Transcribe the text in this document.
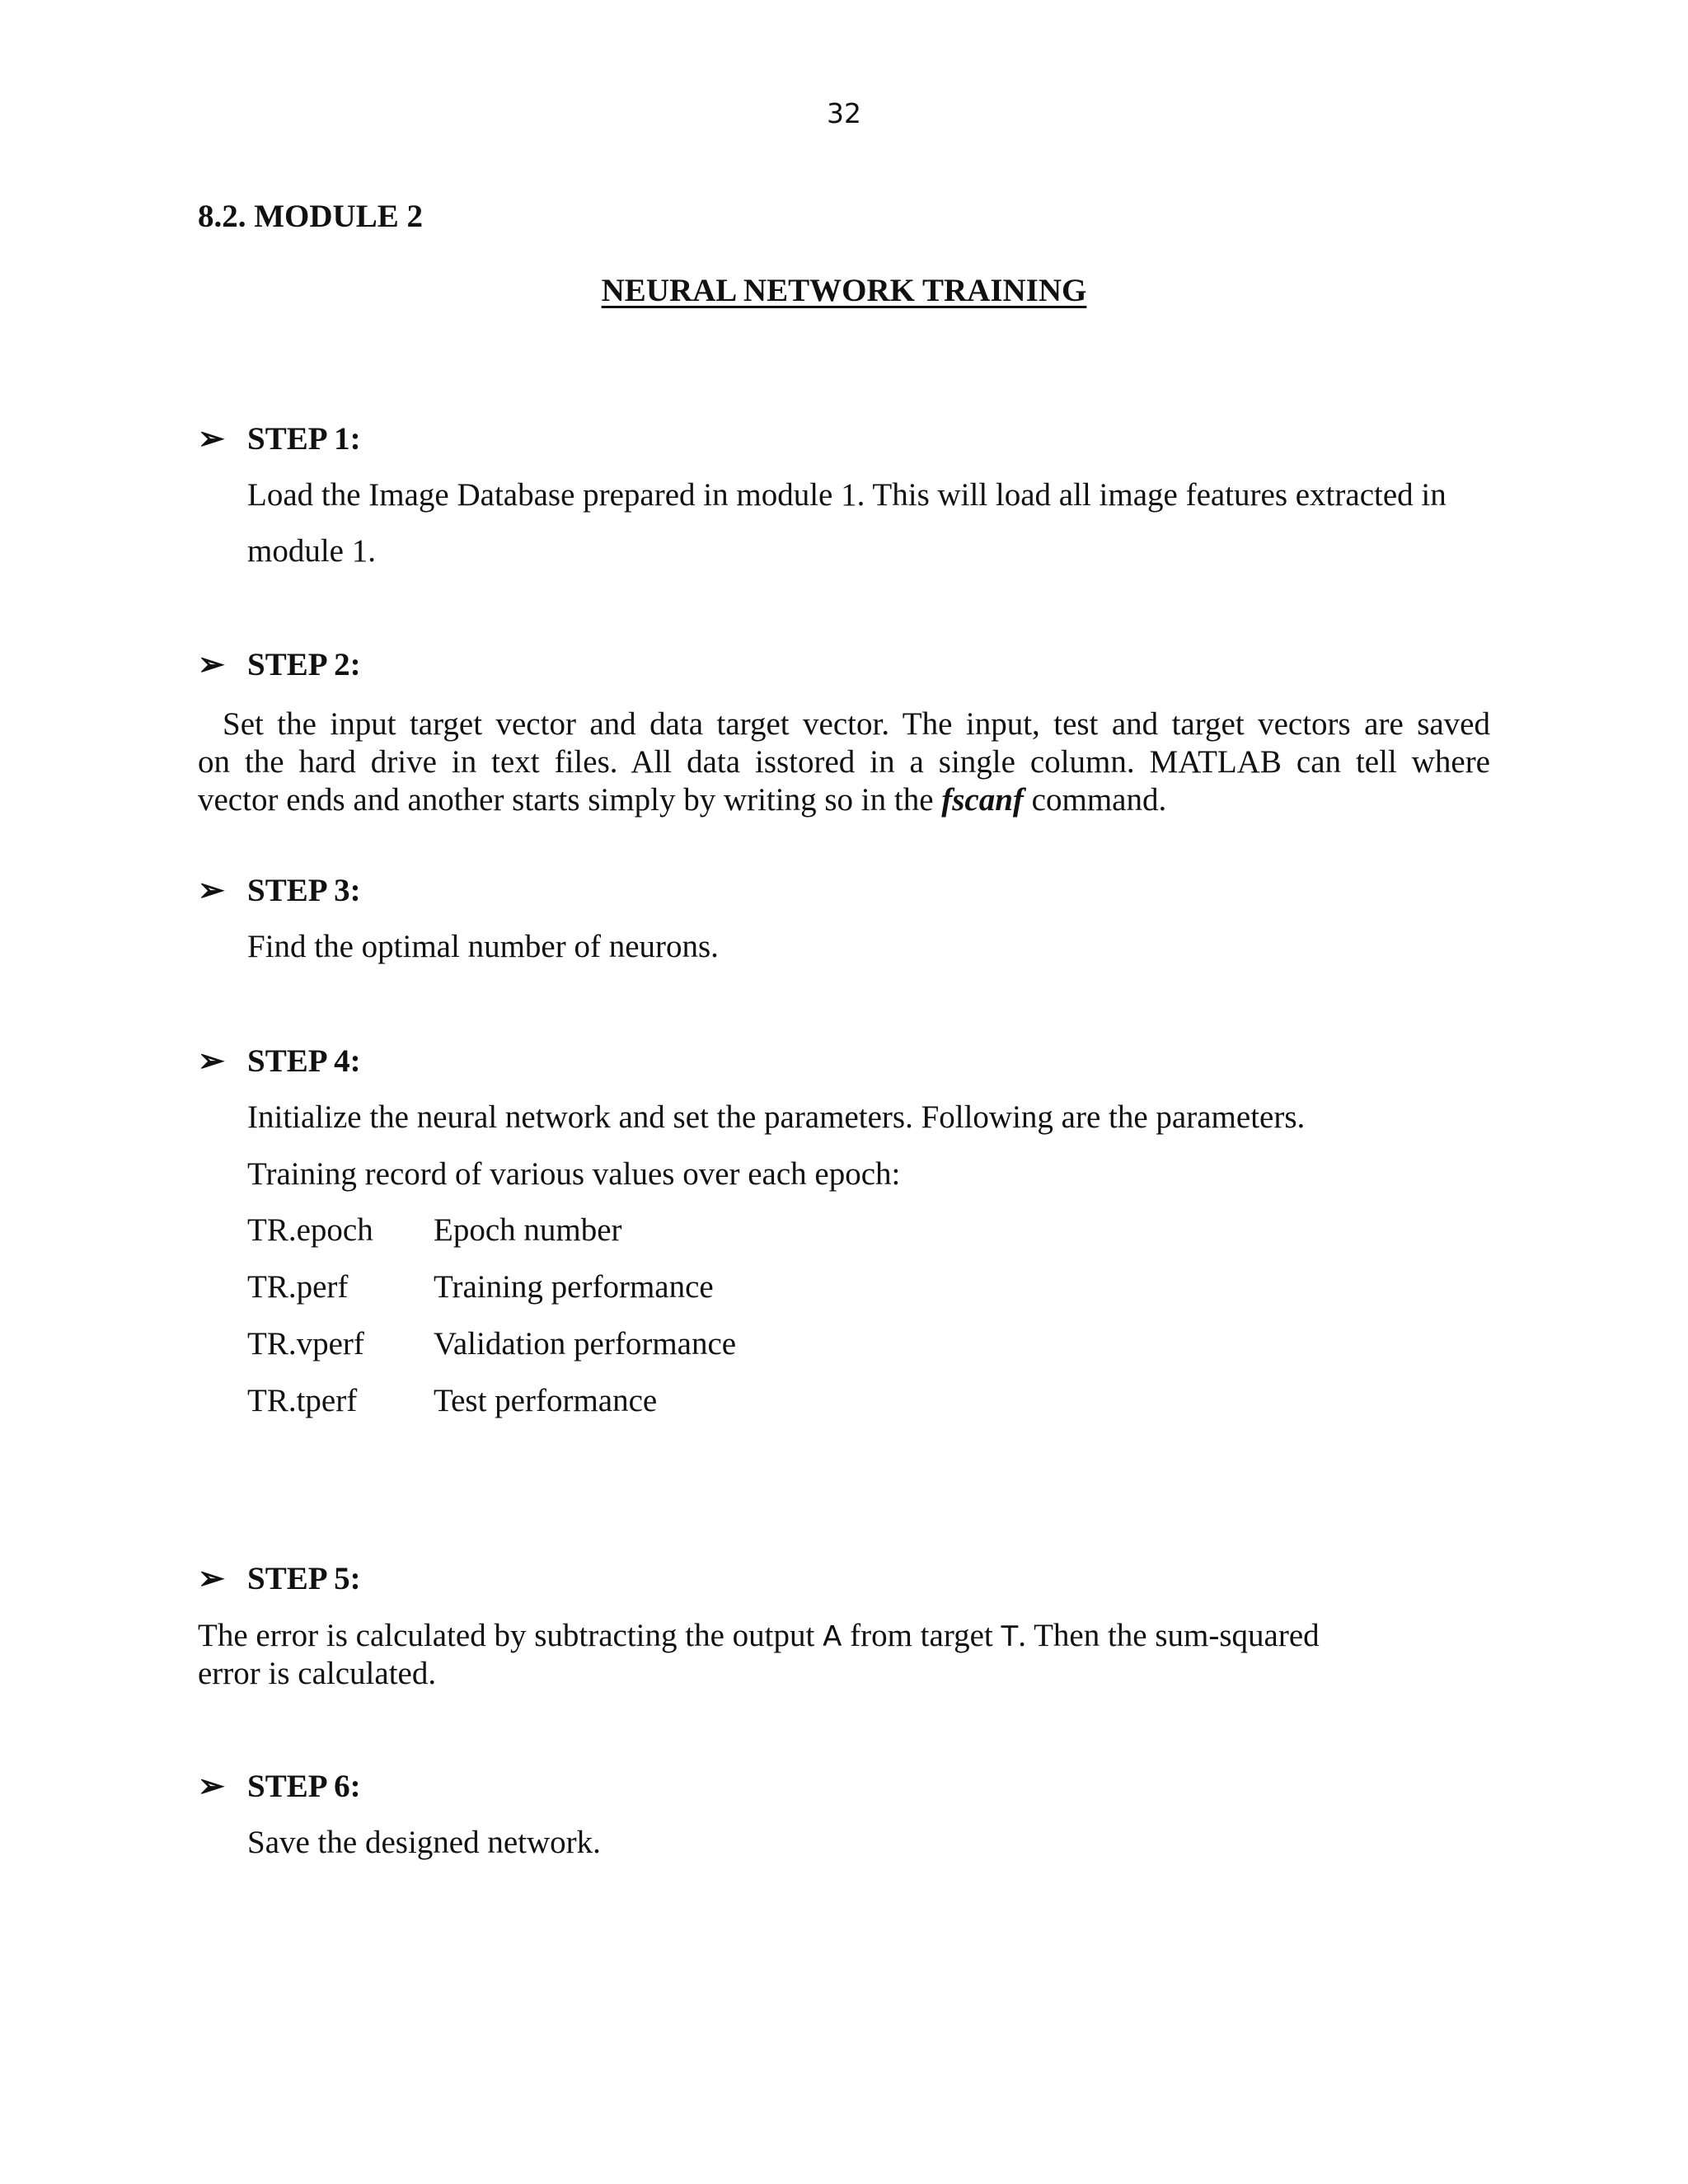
32
8.2. MODULE 2
NEURAL NETWORK TRAINING
➢ STEP 1:
Load the Image Database prepared in module 1. This will load all image features extracted in
module 1.
➢ STEP 2:
Set the input target vector and data target vector. The input, test and target vectors are saved
on the hard drive in text files. All data isstored in a single column. MATLAB can tell where
vector ends and another starts simply by writing so in the fscanf command.
➢ STEP 3:
Find the optimal number of neurons.
➢ STEP 4:
Initialize the neural network and set the parameters. Following are the parameters.
Training record of various values over each epoch:
TR.epoch Epoch number
TR.perf	Training performance
TR.vperf Validation performance
TR.tperf Test performance
➢ STEP 5:
The error is calculated by subtracting the output A from target T. Then the sum-squared
error is calculated.
➢ STEP 6:
Save the designed network.
